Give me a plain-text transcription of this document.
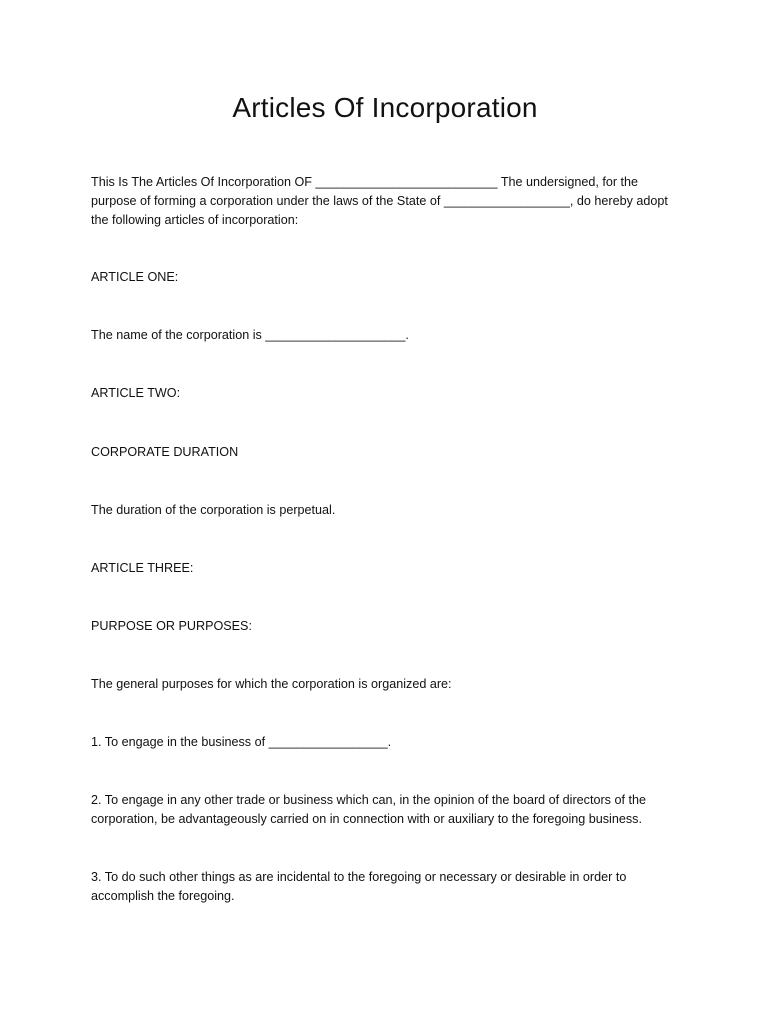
Articles Of Incorporation

This Is The Articles Of Incorporation OF __________________________ The undersigned, for the purpose of forming a corporation under the laws of the State of __________________, do hereby adopt the following articles of incorporation:

ARTICLE ONE:

The name of the corporation is ____________________.

ARTICLE TWO:

CORPORATE DURATION

The duration of the corporation is perpetual.

ARTICLE THREE:

PURPOSE OR PURPOSES:

The general purposes for which the corporation is organized are:

1. To engage in the business of _________________.

2. To engage in any other trade or business which can, in the opinion of the board of directors of the corporation, be advantageously carried on in connection with or auxiliary to the foregoing business.

3. To do such other things as are incidental to the foregoing or necessary or desirable in order to accomplish the foregoing.
